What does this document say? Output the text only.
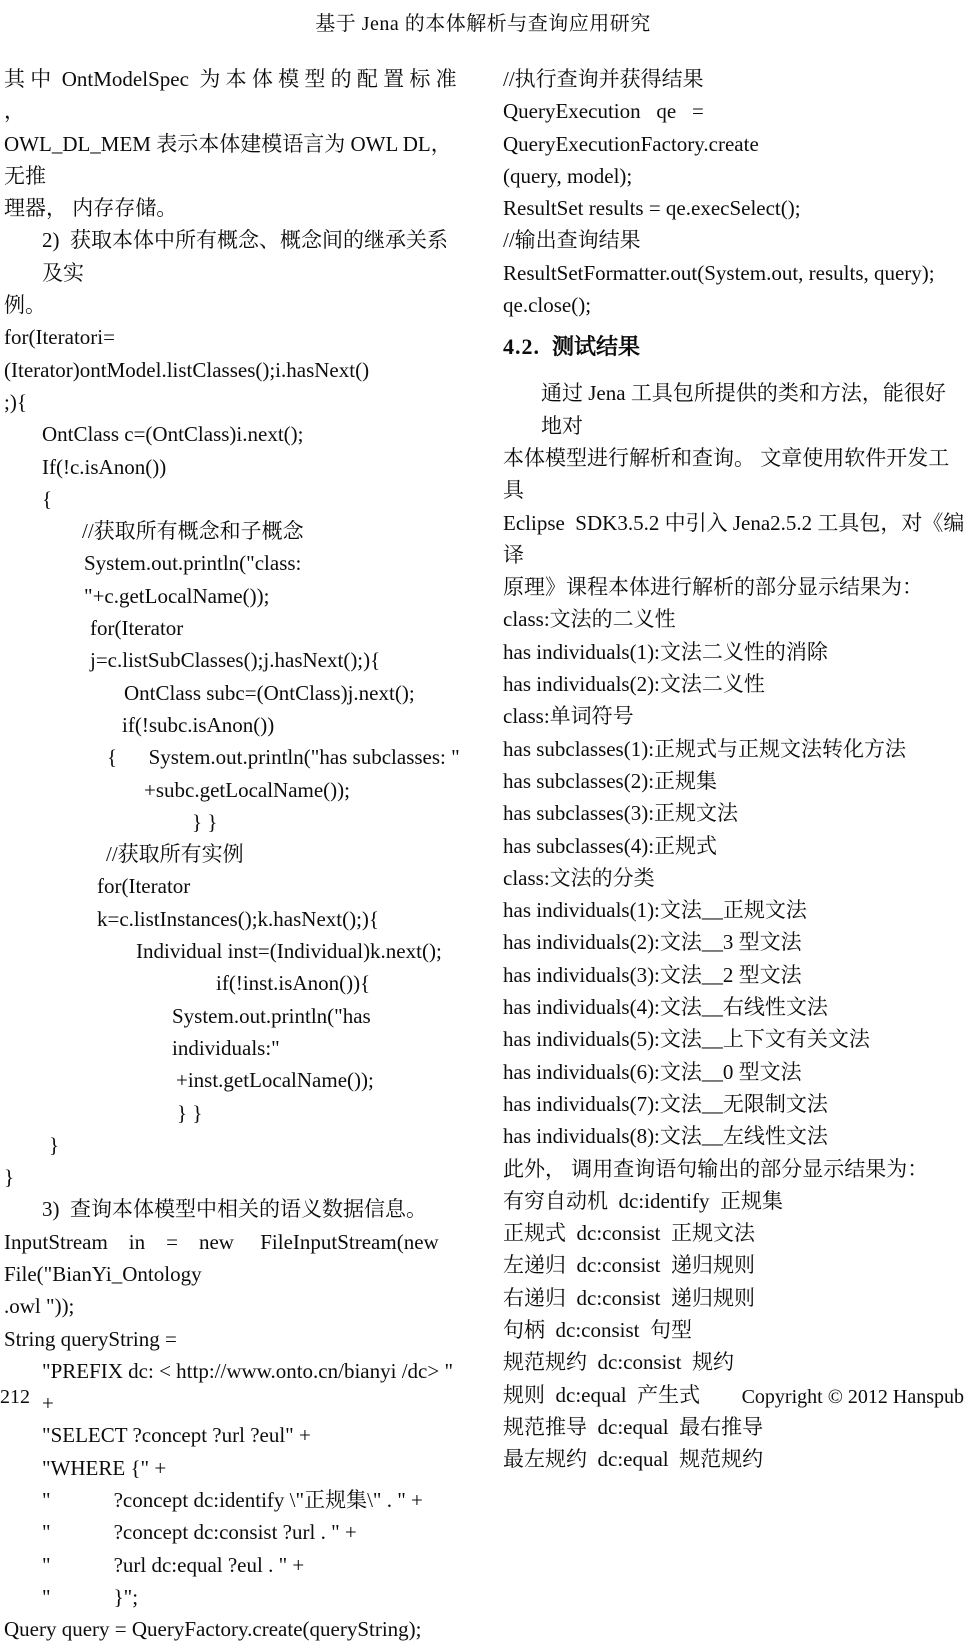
基于 Jena 的本体解析与查询应用研究
其 中  OntModelSpec  为 本 体 模 型 的 配 置 标 准 ，
OWL_DL_MEM 表示本体建模语言为 OWL DL，无推
理器， 内存存储。
2)  获取本体中所有概念、概念间的继承关系及实
例。
for(Iteratori=(Iterator)ontModel.listClasses();i.hasNext()
;){
OntClass c=(OntClass)i.next();
If(!c.isAnon())
{
//获取所有概念和子概念
System.out.println("class: "+c.getLocalName());
for(Iterator j=c.listSubClasses();j.hasNext();){
OntClass subc=(OntClass)j.next();
if(!subc.isAnon())
{      System.out.println("has subclasses: "
+subc.getLocalName());
} }
//获取所有实例
for(Iterator k=c.listInstances();k.hasNext();){
Individual inst=(Individual)k.next();
if(!inst.isAnon()){
System.out.println("has individuals:"
+inst.getLocalName());
} }
}
}
3)  查询本体模型中相关的语义数据信息。
InputStream    in    =    new     FileInputStream(new
File("BianYi_Ontology
.owl "));
String queryString =
"PREFIX dc: < http://www.onto.cn/bianyi /dc> " +
"SELECT ?concept ?url ?eul" +
"WHERE {" +
"            ?concept dc:identify \"正规集\" . " +
"            ?concept dc:consist ?url . " +
"            ?url dc:equal ?eul . " +
"            }";
Query query = QueryFactory.create(queryString);
//执行查询并获得结果
QueryExecution   qe   =   QueryExecutionFactory.create
(query, model);
ResultSet results = qe.execSelect();
//输出查询结果
ResultSetFormatter.out(System.out, results, query);
qe.close();
4.2. 测试结果
通过 Jena 工具包所提供的类和方法，能很好地对
本体模型进行解析和查询。 文章使用软件开发工具
Eclipse  SDK3.5.2 中引入 Jena2.5.2 工具包，对《编译
原理》课程本体进行解析的部分显示结果为：
class:文法的二义性
has individuals(1):文法二义性的消除
has individuals(2):文法二义性
class:单词符号
has subclasses(1):正规式与正规文法转化方法
has subclasses(2):正规集
has subclasses(3):正规文法
has subclasses(4):正规式
class:文法的分类
has individuals(1):文法__正规文法
has individuals(2):文法__3 型文法
has individuals(3):文法__2 型文法
has individuals(4):文法__右线性文法
has individuals(5):文法__上下文有关文法
has individuals(6):文法__0 型文法
has individuals(7):文法__无限制文法
has individuals(8):文法__左线性文法
此外， 调用查询语句输出的部分显示结果为：
有穷自动机  dc:identify  正规集
正规式  dc:consist  正规文法
左递归  dc:consist  递归规则
右递归  dc:consist  递归规则
句柄  dc:consist  句型
规范规约  dc:consist  规约
规则  dc:equal  产生式
规范推导  dc:equal  最右推导
最左规约  dc:equal  规范规约
212	Copyright © 2012 Hanspub
